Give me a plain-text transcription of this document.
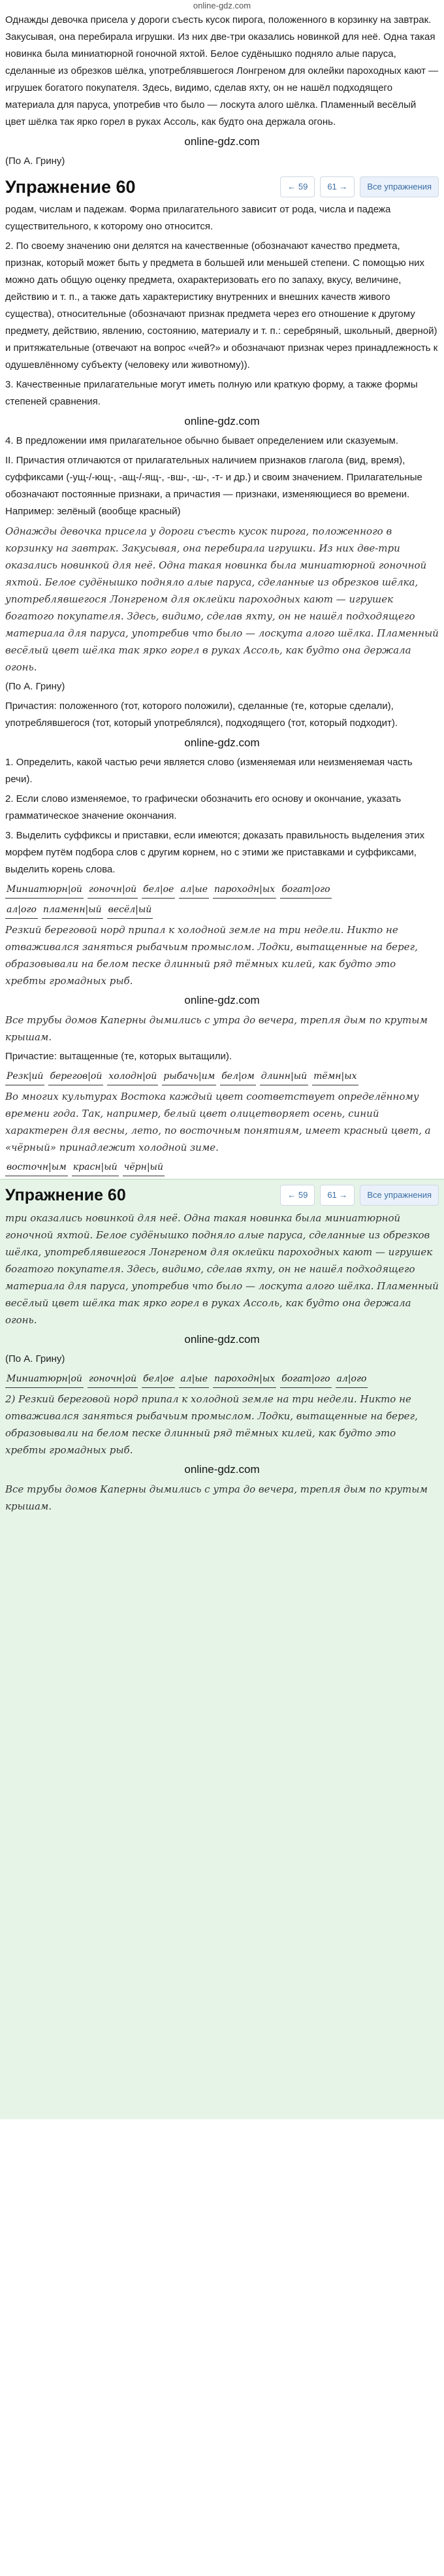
online-gdz.com

Однажды девочка присела у дороги съесть кусок пирога, положенного в корзинку на завтрак. Закусывая, она перебирала игрушки. Из них две-три оказались новинкой для неё. Одна такая новинка была миниатюрной гоночной яхтой. Белое судёнышко подняло алые паруса, сделанные из обрезков шёлка, употреблявшегося Лонгреном для оклейки пароходных кают — игрушек богатого покупателя. Здесь, видимо, сделав яхту, он не нашёл подходящего материала для паруса, употребив что было — лоскута алого шёлка. Пламенный весёлый цвет шёлка так ярко горел в руках Ассоль, как будто она держала огонь.

online-gdz.com

(По А. Грину)

Упражнение 60	← 59	61 →	Все упражнения

родам, числам и падежам. Форма прилагательного зависит от рода, числа и падежа существительного, к которому оно относится.

2. По своему значению они делятся на качественные (обозначают качество предмета, признак, который может быть у предмета в большей или меньшей степени. С помощью них можно дать общую оценку предмета, охарактеризовать его по запаху, вкусу, величине, действию и т. п., а также дать характеристику внутренних и внешних качеств живого существа), относительные (обозначают признак предмета через его отношение к другому предмету, действию, явлению, состоянию, материалу и т. п.: серебряный, школьный, дверной) и притяжательные (отвечают на вопрос «чей?» и обозначают признак через принадлежность к одушевлённому субъекту (человеку или животному)).

3. Качественные прилагательные могут иметь полную или краткую форму, а также формы степеней сравнения.

online-gdz.com

4. В предложении имя прилагательное обычно бывает определением или сказуемым.

II. Причастия отличаются от прилагательных наличием признаков глагола (вид, время), суффиксами (-ущ-/-ющ-, -ащ-/-ящ-, -вш-, -ш-, -т- и др.) и своим значением. Прилагательные обозначают постоянные признаки, а причастия — признаки, изменяющиеся во времени. Например: зелёный (вообще красный)

Однажды девочка присела у дороги съесть кусок пирога, положенного в корзинку на завтрак. Закусывая, она перебирала игрушки. Из них две-три оказались новинкой для неё. Одна такая новинка была миниатюрной гоночной яхтой. Белое судёнышко подняло алые паруса, сделанные из обрезков шёлка, употреблявшегося Лонгреном для оклейки пароходных кают — игрушек богатого покупателя. Здесь, видимо, сделав яхту, он не нашёл подходящего материала для паруса, употребив что было — лоскута алого шёлка. Пламенный весёлый цвет шёлка так ярко горел в руках Ассоль, как будто она держала огонь.

(По А. Грину)

Причастия: положенного (тот, которого положили), сделанные (те, которые сделали), употреблявшегося (тот, который употреблялся), подходящего (тот, который подходит).

online-gdz.com

1. Определить, какой частью речи является слово (изменяемая или неизменяемая часть речи).

2. Если слово изменяемое, то графически обозначить его основу и окончание, указать грамматическое значение окончания.

3. Выделить суффиксы и приставки, если имеются; доказать правильность выделения этих морфем путём подбора слов с другим корнем, но с этими же приставками и суффиксами, выделить корень слова.

Миниатюрн|ой гоночн|ой бел|ое ал|ые пароходн|ых богат|ого
ал|ого пламенн|ый весёл|ый

Резкий береговой норд припал к холодной земле на три недели. Никто не отваживался заняться рыбачьим промыслом. Лодки, вытащенные на берег, образовывали на белом песке длинный ряд тёмных килей, как будто это хребты громадных рыб.

online-gdz.com

Все трубы домов Каперны дымились с утра до вечера, трепля дым по крутым крышам.

Причастие: вытащенные (те, которых вытащили).

Резк|ий берегов|ой холодн|ой рыбачь|им бел|ом длинн|ый тёмн|ых

Во многих культурах Востока каждый цвет соответствует определённому времени года. Так, например, белый цвет олицетворяет осень, синий характерен для весны, лето, по восточным понятиям, имеет красный цвет, а «чёрный» принадлежит холодной зиме.

восточн|ым красн|ый чёрн|ый
Упражнение 60	← 59	61 →	Все упражнения

три оказались новинкой для неё. Одна такая новинка была миниатюрной гоночной яхтой. Белое судёнышко подняло алые паруса, сделанные из обрезков шёлка, употреблявшегося Лонгреном для оклейки пароходных кают — игрушек богатого покупателя. Здесь, видимо, сделав яхту, он не нашёл подходящего материала для паруса, употребив что было — лоскута алого шёлка. Пламенный весёлый цвет шёлка так ярко горел в руках Ассоль, как будто она держала огонь.

online-gdz.com

(По А. Грину)

Миниатюрн|ой гоночн|ой бел|ое ал|ые пароходн|ых богат|ого ал|ого

2) Резкий береговой норд припал к холодной земле на три недели. Никто не отваживался заняться рыбачьим промыслом. Лодки, вытащенные на берег, образовывали на белом песке длинный ряд тёмных килей, как будто это хребты громадных рыб.

online-gdz.com

Все трубы домов Каперны дымились с утра до вечера, трепля дым по крутым крышам.
